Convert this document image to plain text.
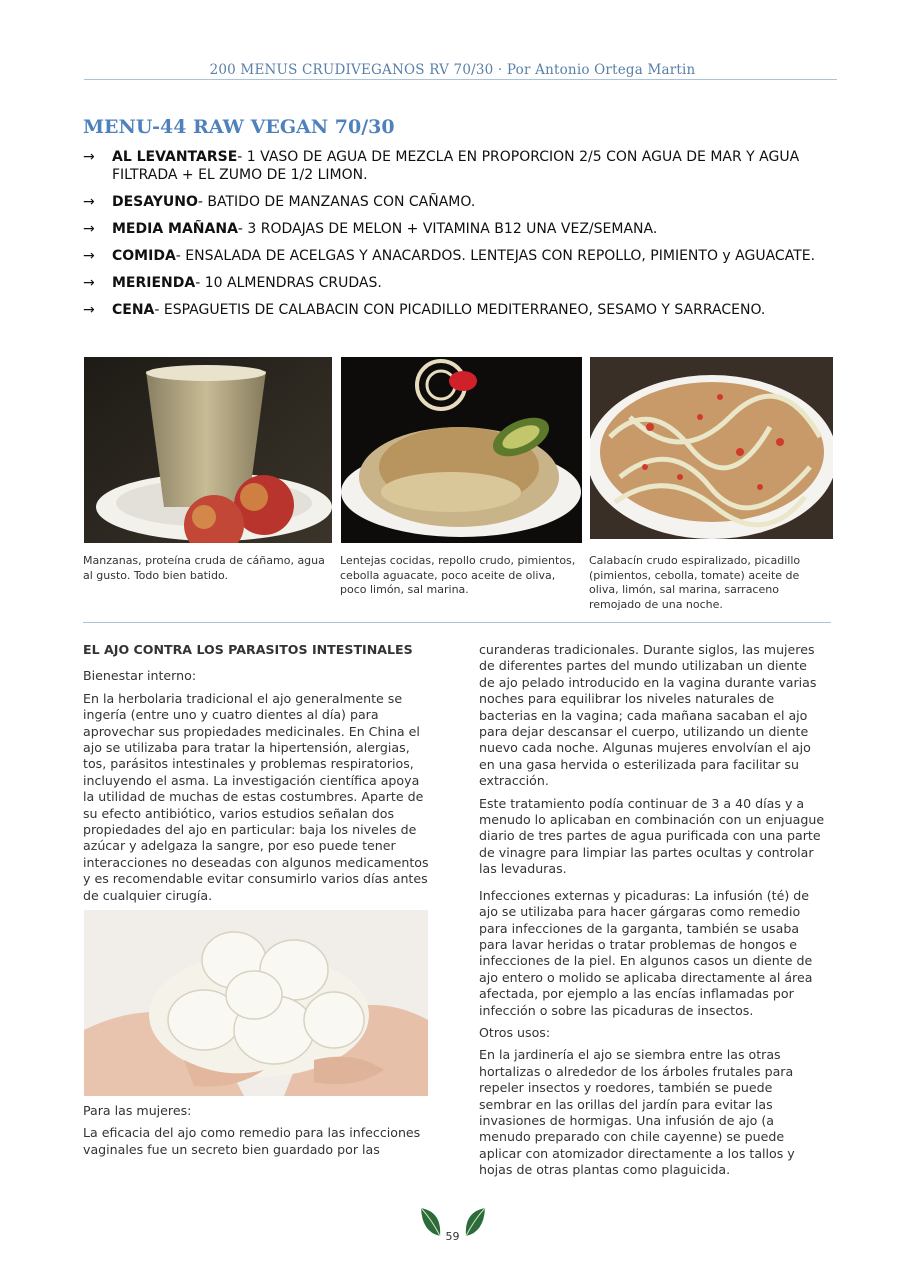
200 MENUS CRUDIVEGANOS RV 70/30 · Por Antonio Ortega Martin
MENU-44 RAW VEGAN 70/30
→ AL LEVANTARSE- 1 VASO DE AGUA DE MEZCLA EN PROPORCION 2/5 CON AGUA DE MAR Y AGUA FILTRADA + EL ZUMO DE 1/2 LIMON.
→ DESAYUNO- BATIDO DE MANZANAS CON CAÑAMO.
→ MEDIA MAÑANA- 3 RODAJAS DE MELON + VITAMINA B12 UNA VEZ/SEMANA.
→ COMIDA- ENSALADA DE ACELGAS Y ANACARDOS. LENTEJAS CON REPOLLO, PIMIENTO y AGUACATE.
→ MERIENDA- 10 ALMENDRAS CRUDAS.
→ CENA- ESPAGUETIS DE CALABACIN CON PICADILLO MEDITERRANEO, SESAMO Y SARRACENO.
Manzanas, proteína cruda de cáñamo, agua al gusto. Todo bien batido.
Lentejas cocidas, repollo crudo, pimientos, cebolla aguacate, poco aceite de oliva, poco limón, sal marina.
Calabacín crudo espiralizado, picadillo (pimientos, cebolla, tomate) aceite de oliva, limón, sal marina, sarraceno remojado de una noche.
EL AJO CONTRA LOS PARASITOS INTESTINALES

Bienestar interno:

En la herbolaria tradicional el ajo generalmente se ingería (entre uno y cuatro dientes al día) para aprovechar sus propiedades medicinales. En China el ajo se utilizaba para tratar la hipertensión, alergias, tos, parásitos intestinales y problemas respiratorios, incluyendo el asma. La investigación científica apoya la utilidad de muchas de estas costumbres. Aparte de su efecto antibiótico, varios estudios señalan dos propiedades del ajo en particular: baja los niveles de azúcar y adelgaza la sangre, por eso puede tener interacciones no deseadas con algunos medicamentos y es recomendable evitar consumirlo varios días antes de cualquier cirugía.

Para las mujeres:

La eficacia del ajo como remedio para las infecciones vaginales fue un secreto bien guardado por las

curanderas tradicionales. Durante siglos, las mujeres de diferentes partes del mundo utilizaban un diente de ajo pelado introducido en la vagina durante varias noches para equilibrar los niveles naturales de bacterias en la vagina; cada mañana sacaban el ajo para dejar descansar el cuerpo, utilizando un diente nuevo cada noche. Algunas mujeres envolvían el ajo en una gasa hervida o esterilizada para facilitar su extracción.

Este tratamiento podía continuar de 3 a 40 días y a menudo lo aplicaban en combinación con un enjuague diario de tres partes de agua purificada con una parte de vinagre para limpiar las partes ocultas y controlar las levaduras.

Infecciones externas y picaduras: La infusión (té) de ajo se utilizaba para hacer gárgaras como remedio para infecciones de la garganta, también se usaba para lavar heridas o tratar problemas de hongos e infecciones de la piel. En algunos casos un diente de ajo entero o molido se aplicaba directamente al área afectada, por ejemplo a las encías inflamadas por infección o sobre las picaduras de insectos.

Otros usos:

En la jardinería el ajo se siembra entre las otras hortalizas o alrededor de los árboles frutales para repeler insectos y roedores, también se puede sembrar en las orillas del jardín para evitar las invasiones de hormigas. Una infusión de ajo (a menudo preparado con chile cayenne) se puede aplicar con atomizador directamente a los tallos y hojas de otras plantas como plaguicida.

59
